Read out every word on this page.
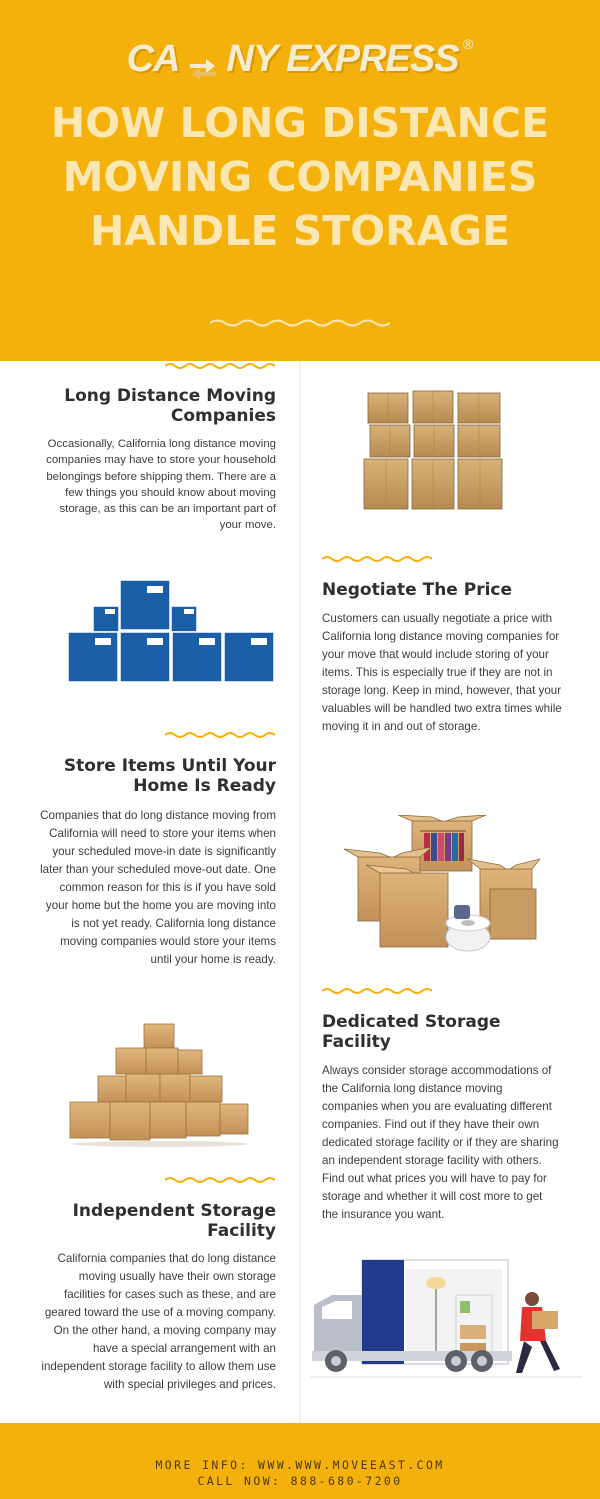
CA NY EXPRESS ®
HOW LONG DISTANCE MOVING COMPANIES HANDLE STORAGE
Long Distance Moving Companies
Occasionally, California long distance moving companies may have to store your household belongings before shipping them. There are a few things you should know about moving storage, as this can be an important part of your move.
Negotiate The Price
Customers can usually negotiate a price with California long distance moving companies for your move that would include storing of your items. This is especially true if they are not in storage long. Keep in mind, however, that your valuables will be handled two extra times while moving it in and out of storage.
Store Items Until Your Home Is Ready
Companies that do long distance moving from California will need to store your items when your scheduled move-in date is significantly later than your scheduled move-out date. One common reason for this is if you have sold your home but the home you are moving into is not yet ready. California long distance moving companies would store your items until your home is ready.
Dedicated Storage Facility
Always consider storage accommodations of the California long distance moving companies when you are evaluating different companies. Find out if they have their own dedicated storage facility or if they are sharing an independent storage facility with others. Find out what prices you will have to pay for storage and whether it will cost more to get the insurance you want.
Independent Storage Facility
California companies that do long distance moving usually have their own storage facilities for cases such as these, and are geared toward the use of a moving company. On the other hand, a moving company may have a special arrangement with an independent storage facility to allow them use with special privileges and prices.
MORE INFO: WWW.WWW.MOVEEAST.COM
CALL NOW: 888-680-7200
